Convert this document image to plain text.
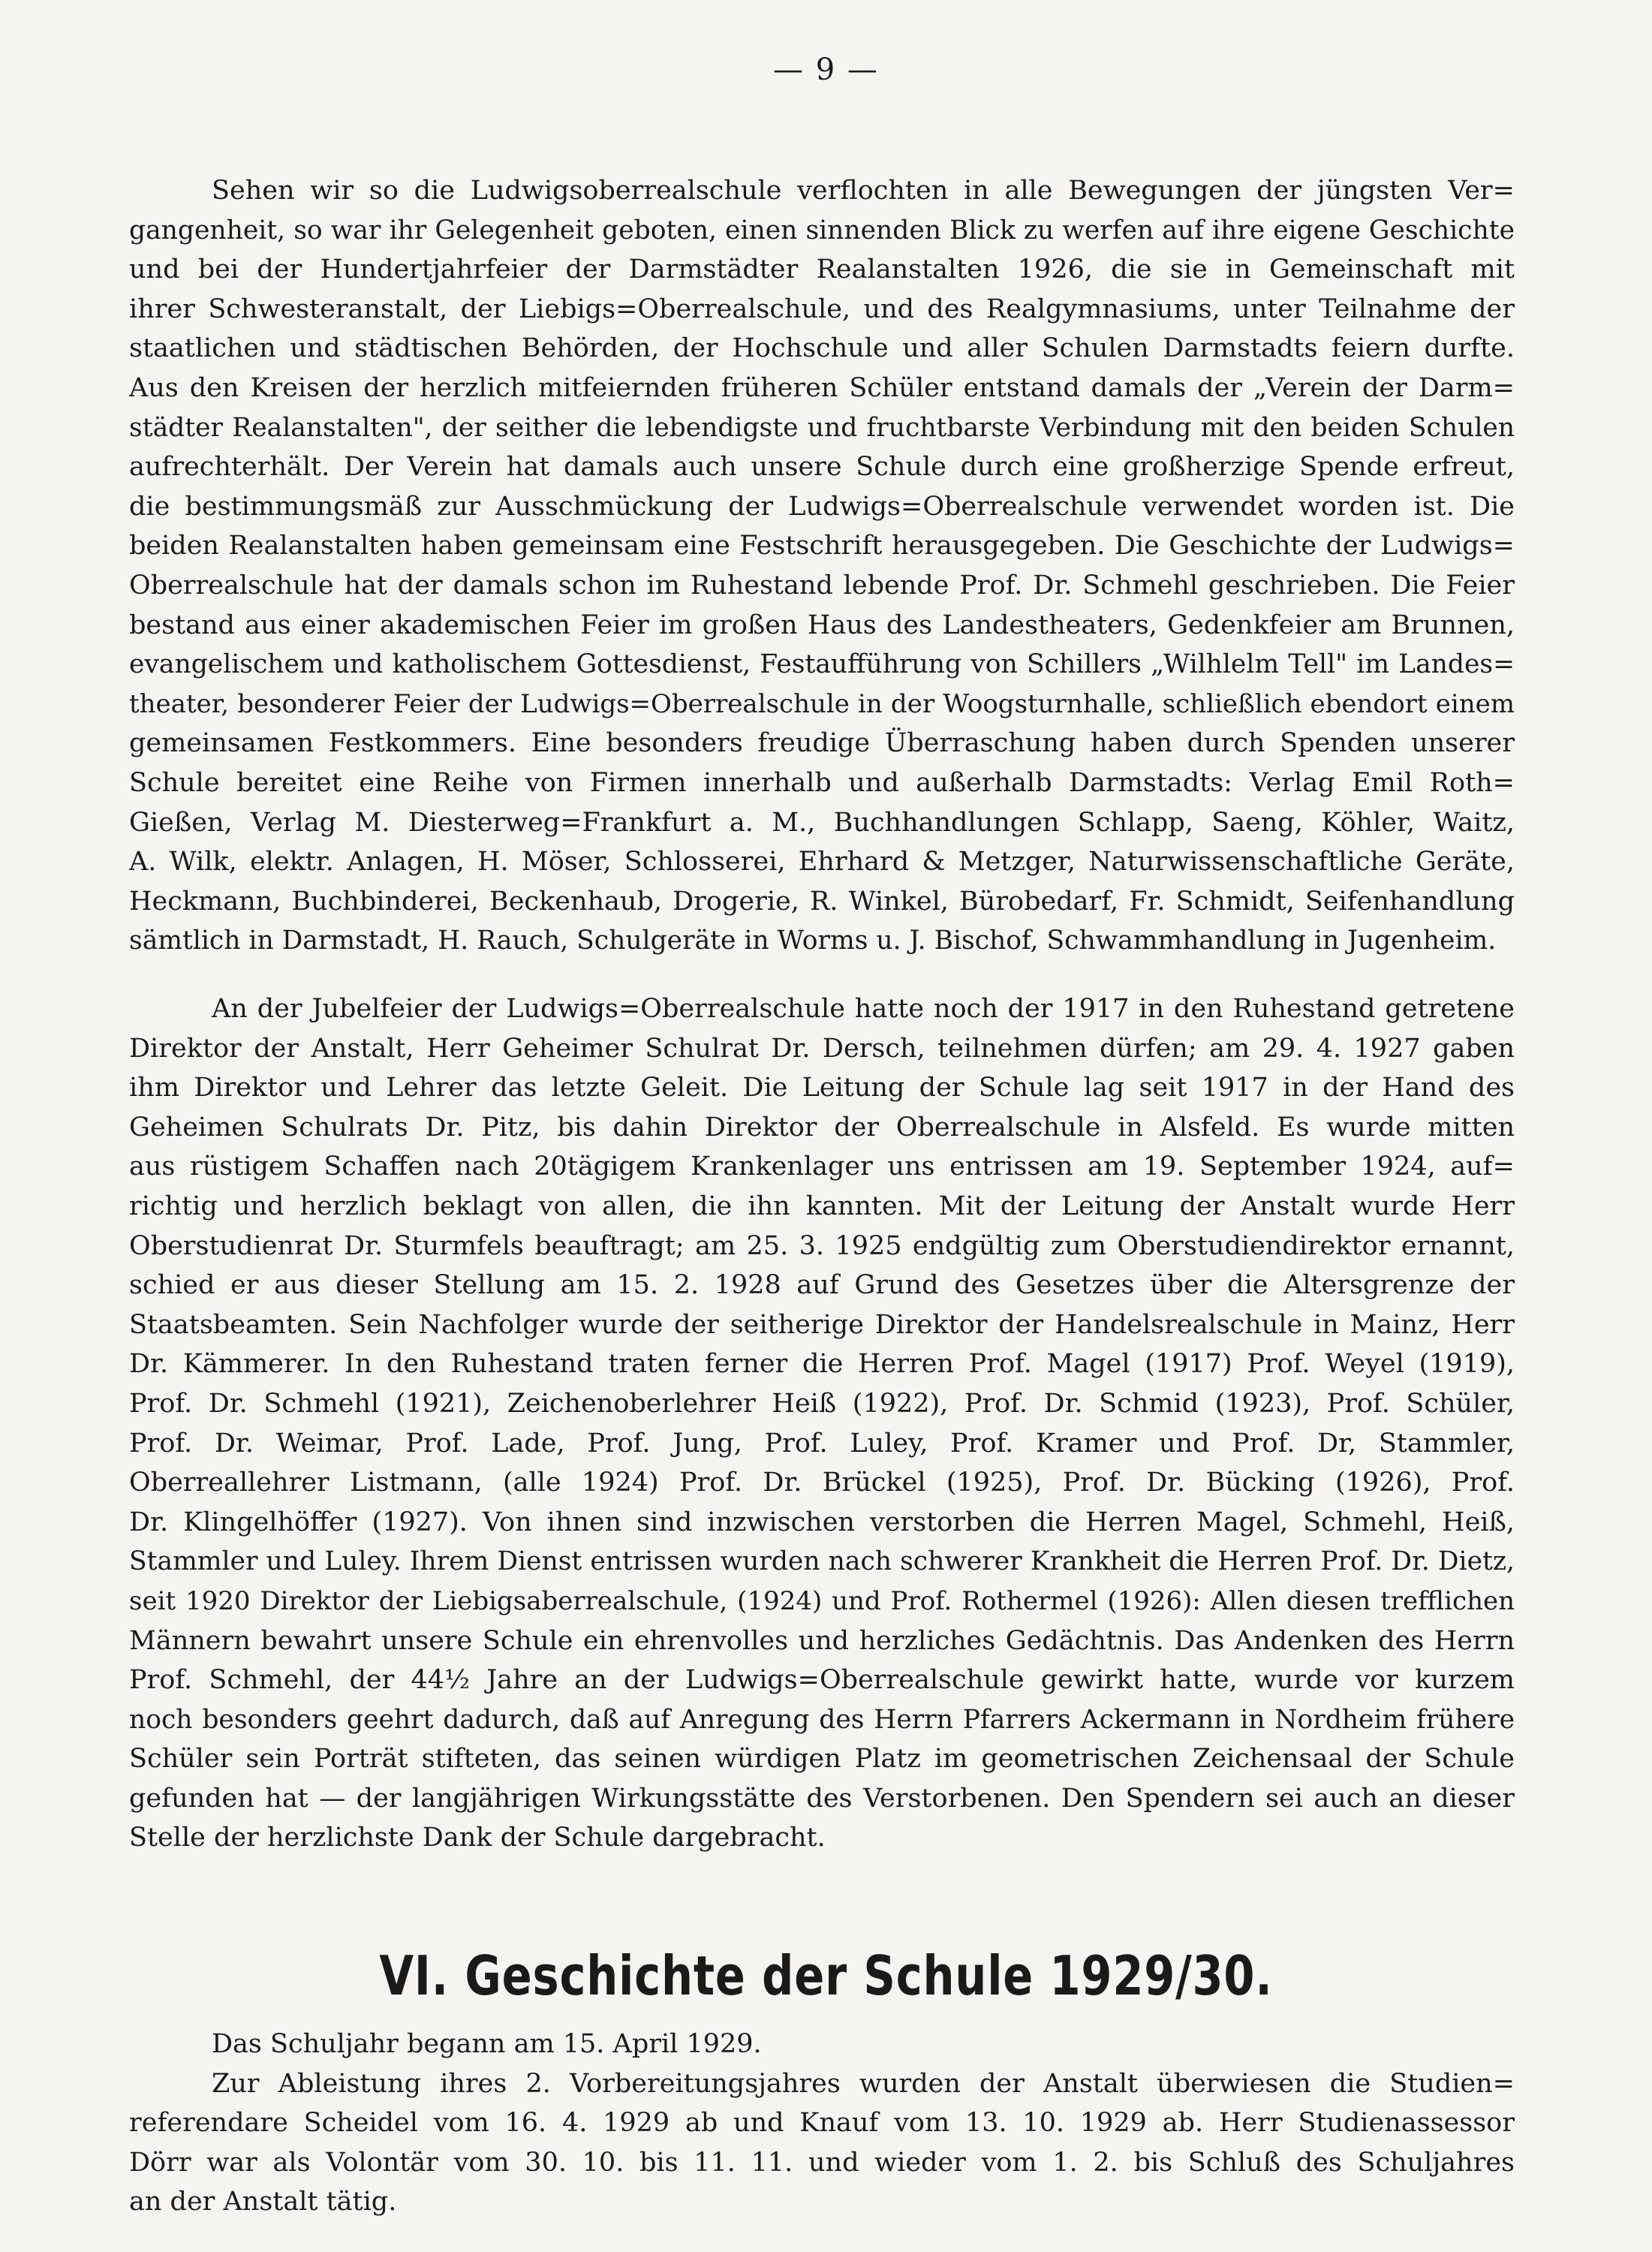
— 9 —
Sehen wir so die Ludwigsoberrealschule verflochten in alle Bewegungen der jüngsten Ver=
gangenheit, so war ihr Gelegenheit geboten, einen sinnenden Blick zu werfen auf ihre eigene Geschichte
und bei der Hundertjahrfeier der Darmstädter Realanstalten 1926, die sie in Gemeinschaft mit
ihrer Schwesteranstalt, der Liebigs=Oberrealschule, und des Realgymnasiums, unter Teilnahme der
staatlichen und städtischen Behörden, der Hochschule und aller Schulen Darmstadts feiern durfte.
Aus den Kreisen der herzlich mitfeiernden früheren Schüler entstand damals der „Verein der Darm=
städter Realanstalten", der seither die lebendigste und fruchtbarste Verbindung mit den beiden Schulen
aufrechterhält. Der Verein hat damals auch unsere Schule durch eine großherzige Spende erfreut,
die bestimmungsmäß zur Ausschmückung der Ludwigs=Oberrealschule verwendet worden ist. Die
beiden Realanstalten haben gemeinsam eine Festschrift herausgegeben. Die Geschichte der Ludwigs=
Oberrealschule hat der damals schon im Ruhestand lebende Prof. Dr. Schmehl geschrieben. Die Feier
bestand aus einer akademischen Feier im großen Haus des Landestheaters, Gedenkfeier am Brunnen,
evangelischem und katholischem Gottesdienst, Festaufführung von Schillers „Wilhlelm Tell" im Landes=
theater, besonderer Feier der Ludwigs=Oberrealschule in der Woogsturnhalle, schließlich ebendort einem
gemeinsamen Festkommers. Eine besonders freudige Überraschung haben durch Spenden unserer
Schule bereitet eine Reihe von Firmen innerhalb und außerhalb Darmstadts: Verlag Emil Roth=
Gießen, Verlag M. Diesterweg=Frankfurt a. M., Buchhandlungen Schlapp, Saeng, Köhler, Waitz,
A. Wilk, elektr. Anlagen, H. Möser, Schlosserei, Ehrhard & Metzger, Naturwissenschaftliche Geräte,
Heckmann, Buchbinderei, Beckenhaub, Drogerie, R. Winkel, Bürobedarf, Fr. Schmidt, Seifenhandlung
sämtlich in Darmstadt, H. Rauch, Schulgeräte in Worms u. J. Bischof, Schwammhandlung in Jugenheim.
An der Jubelfeier der Ludwigs=Oberrealschule hatte noch der 1917 in den Ruhestand getretene
Direktor der Anstalt, Herr Geheimer Schulrat Dr. Dersch, teilnehmen dürfen; am 29. 4. 1927 gaben
ihm Direktor und Lehrer das letzte Geleit. Die Leitung der Schule lag seit 1917 in der Hand des
Geheimen Schulrats Dr. Pitz, bis dahin Direktor der Oberrealschule in Alsfeld. Es wurde mitten
aus rüstigem Schaffen nach 20tägigem Krankenlager uns entrissen am 19. September 1924, auf=
richtig und herzlich beklagt von allen, die ihn kannten. Mit der Leitung der Anstalt wurde Herr
Oberstudienrat Dr. Sturmfels beauftragt; am 25. 3. 1925 endgültig zum Oberstudiendirektor ernannt,
schied er aus dieser Stellung am 15. 2. 1928 auf Grund des Gesetzes über die Altersgrenze der
Staatsbeamten. Sein Nachfolger wurde der seitherige Direktor der Handelsrealschule in Mainz, Herr
Dr. Kämmerer. In den Ruhestand traten ferner die Herren Prof. Magel (1917) Prof. Weyel (1919),
Prof. Dr. Schmehl (1921), Zeichenoberlehrer Heiß (1922), Prof. Dr. Schmid (1923), Prof. Schüler,
Prof. Dr. Weimar, Prof. Lade, Prof. Jung, Prof. Luley, Prof. Kramer und Prof. Dr, Stammler,
Oberreallehrer Listmann, (alle 1924) Prof. Dr. Brückel (1925), Prof. Dr. Bücking (1926), Prof.
Dr. Klingelhöffer (1927). Von ihnen sind inzwischen verstorben die Herren Magel, Schmehl, Heiß,
Stammler und Luley. Ihrem Dienst entrissen wurden nach schwerer Krankheit die Herren Prof. Dr. Dietz,
seit 1920 Direktor der Liebigsaberrealschule, (1924) und Prof. Rothermel (1926): Allen diesen trefflichen
Männern bewahrt unsere Schule ein ehrenvolles und herzliches Gedächtnis. Das Andenken des Herrn
Prof. Schmehl, der 44½ Jahre an der Ludwigs=Oberrealschule gewirkt hatte, wurde vor kurzem
noch besonders geehrt dadurch, daß auf Anregung des Herrn Pfarrers Ackermann in Nordheim frühere
Schüler sein Porträt stifteten, das seinen würdigen Platz im geometrischen Zeichensaal der Schule
gefunden hat — der langjährigen Wirkungsstätte des Verstorbenen. Den Spendern sei auch an dieser
Stelle der herzlichste Dank der Schule dargebracht.
VI. Geschichte der Schule 1929/30.
Das Schuljahr begann am 15. April 1929.
Zur Ableistung ihres 2. Vorbereitungsjahres wurden der Anstalt überwiesen die Studien=
referendare Scheidel vom 16. 4. 1929 ab und Knauf vom 13. 10. 1929 ab. Herr Studienassessor
Dörr war als Volontär vom 30. 10. bis 11. 11. und wieder vom 1. 2. bis Schluß des Schuljahres
an der Anstalt tätig.
